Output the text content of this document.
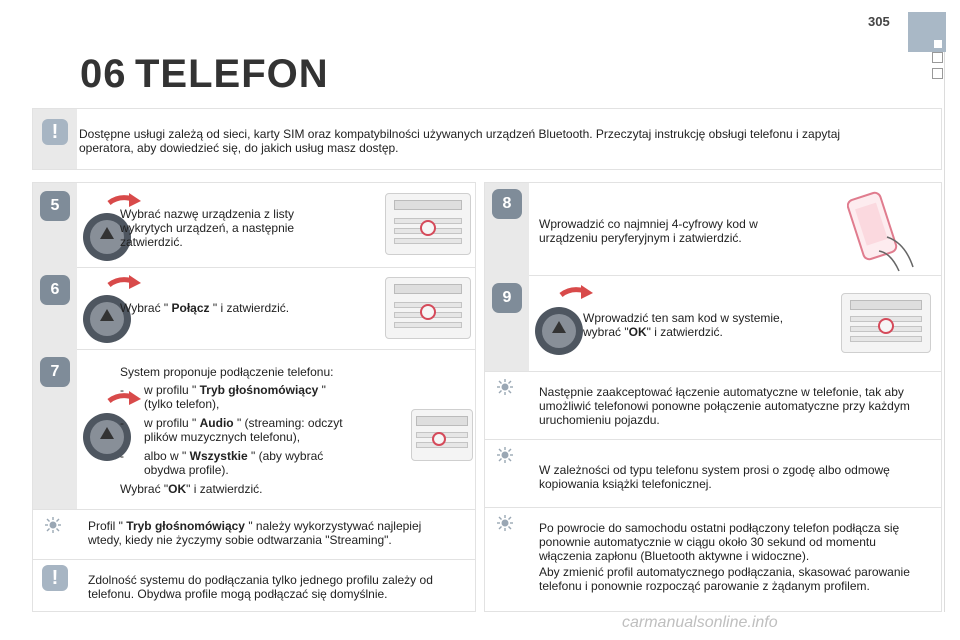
305
06 TELEFON
!	Dostępne usługi zależą od sieci, karty SIM oraz kompatybilności używanych urządzeń Bluetooth. Przeczytaj instrukcję obsługi telefonu i zapytaj operatora, aby dowiedzieć się, do jakich usług masz dostęp.
5	Wybrać nazwę urządzenia z listy wykrytych urządzeń, a następnie zatwierdzić.
6
Wybrać " Połącz " i zatwierdzić.
7	System proponuje podłączenie telefonu:
-	w profilu " Tryb głośnomówiący " (tylko telefon),
-	w profilu " Audio " (streaming: odczyt plików muzycznych telefonu),
-	albo w " Wszystkie " (aby wybrać obydwa profile).
Wybrać "OK" i zatwierdzić.
Profil " Tryb głośnomówiący " należy wykorzystywać najlepiej wtedy, kiedy nie życzymy sobie odtwarzania "Streaming".
!	Zdolność systemu do podłączania tylko jednego profilu zależy od telefonu. Obydwa profile mogą podłączać się domyślnie.
8
Wprowadzić co najmniej 4-cyfrowy kod w urządzeniu peryferyjnym i zatwierdzić.
9
Wprowadzić ten sam kod w systemie, wybrać "OK" i zatwierdzić.
Następnie zaakceptować łączenie automatyczne w telefonie, tak aby umożliwić telefonowi ponowne połączenie automatyczne przy każdym uruchomieniu pojazdu.
W zależności od typu telefonu system prosi o zgodę albo odmowę kopiowania książki telefonicznej.
Po powrocie do samochodu ostatni podłączony telefon podłącza się ponownie automatycznie w ciągu około 30 sekund od momentu włączenia zapłonu (Bluetooth aktywne i widoczne).
Aby zmienić profil automatycznego podłączania, skasować parowanie telefonu i ponownie rozpocząć parowanie z żądanym profilem.
carmanualsonline.info
